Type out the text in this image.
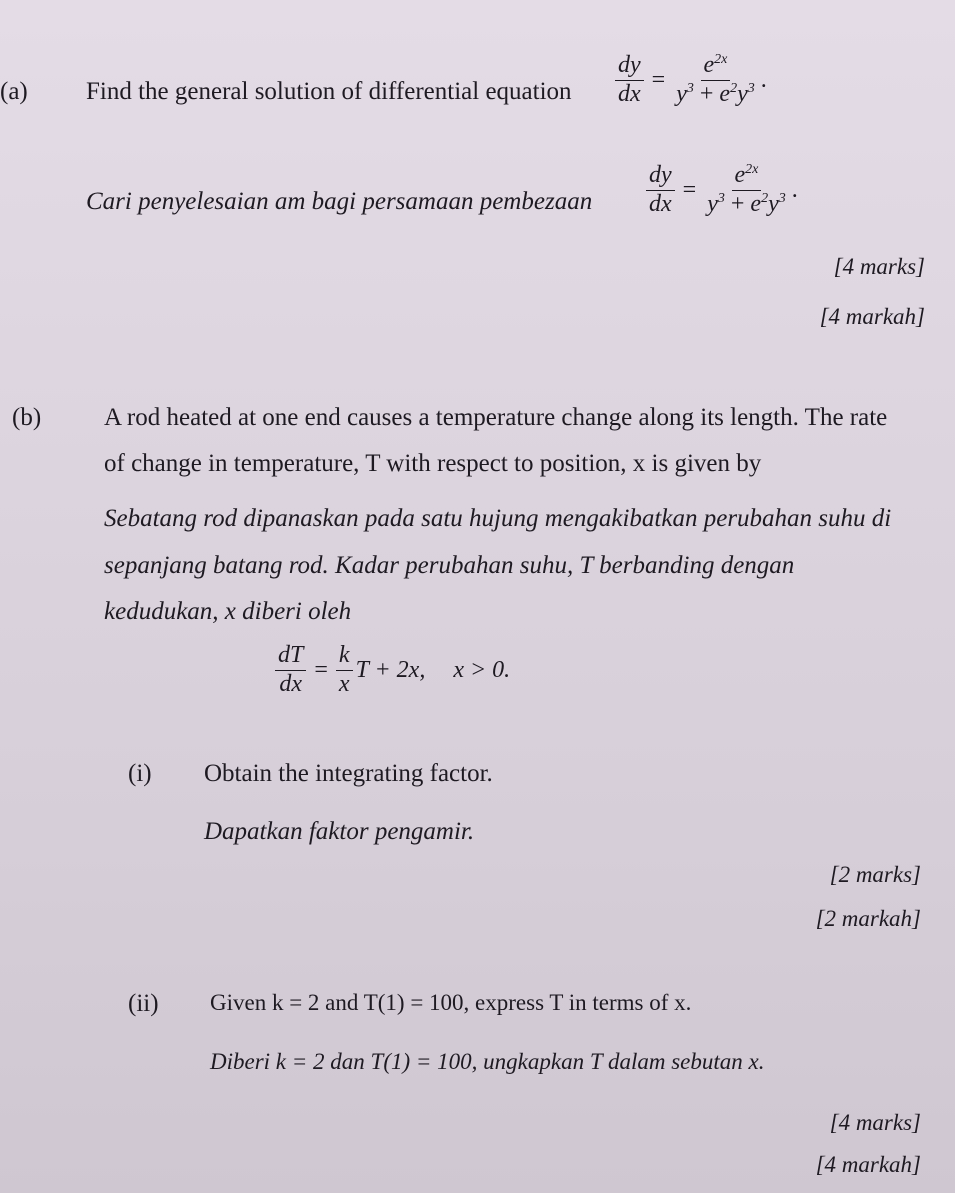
(a) Find the general solution of differential equation $\frac{dy}{dx} = \frac{e^{2x}}{y^3 + e^2y^3}$ .
Cari penyelesaian am bagi persamaan pembezaan $\frac{dy}{dx} = \frac{e^{2x}}{y^3 + e^2y^3}$ .
[4 marks]
[4 markah]
(b)	A rod heated at one end causes a temperature change along its length. The rate
of change in temperature, T with respect to position, x is given by
Sebatang rod dipanaskan pada satu hujung mengakibatkan perubahan suhu di
sepanjang batang rod. Kadar perubahan suhu, T berbanding dengan
kedudukan, x diberi oleh
$\frac{dT}{dx} = \frac{k}{x}$ T + 2x, x > 0.
(i) Obtain the integrating factor.
Dapatkan faktor pengamir.
[2 marks]
[2 markah]
(ii) Given k = 2 and T(1) = 100, express T in terms of x.
Diberi k = 2 dan T(1) = 100, ungkapkan T dalam sebutan x.
[4 marks]
[4 markah]
